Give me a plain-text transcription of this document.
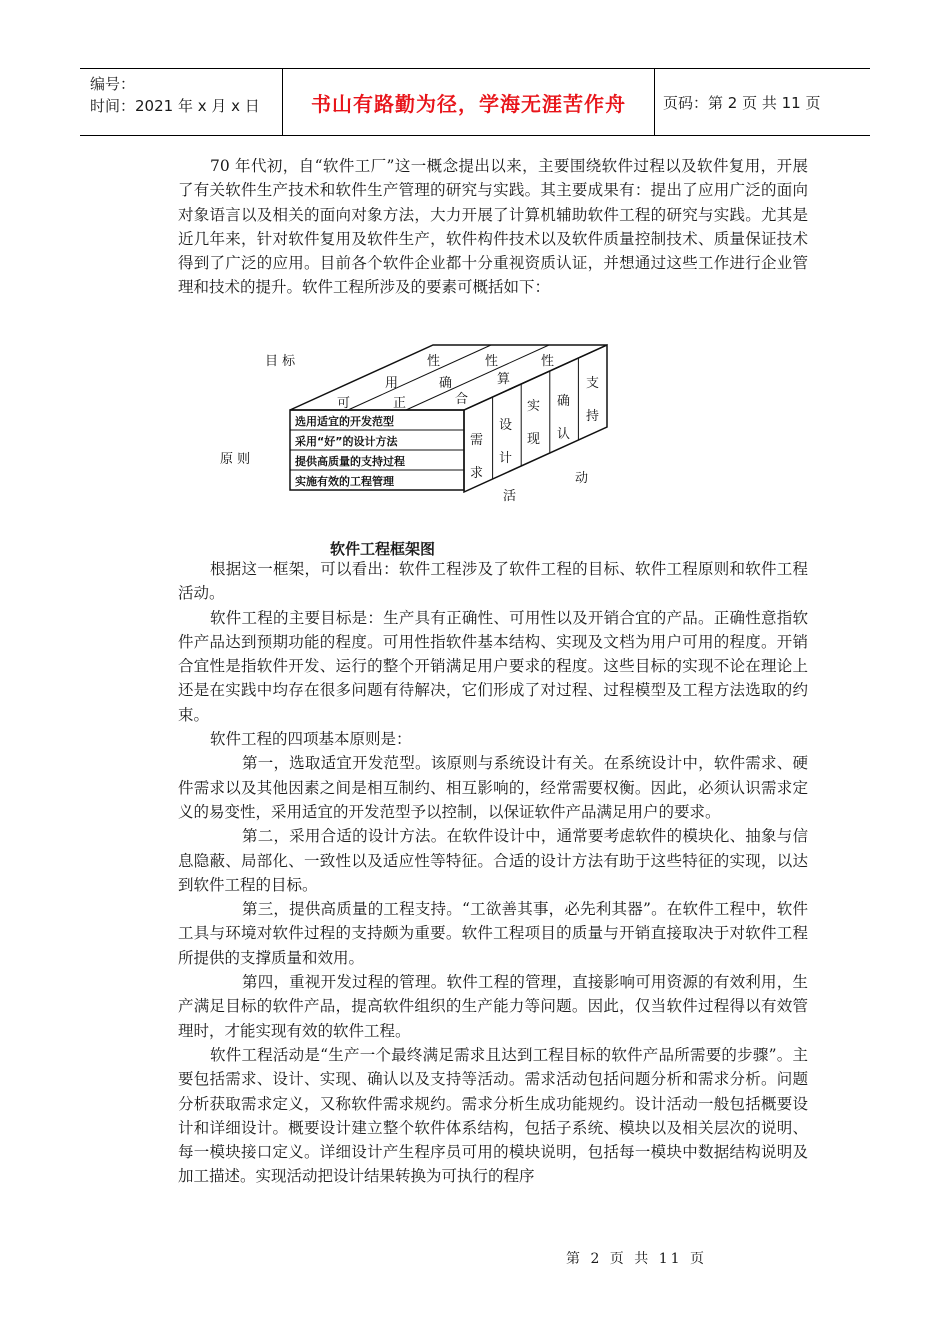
编号：
时间：2021 年 x 月 x 日	书山有路勤为径，学海无涯苦作舟	页码：第 2 页 共 11 页

70 年代初，自“软件工厂”这一概念提出以来，主要围绕软件过程以及软件复用，开展了有关软件生产技术和软件生产管理的研究与实践。其主要成果有：提出了应用广泛的面向对象语言以及相关的面向对象方法，大力开展了计算机辅助软件工程的研究与实践。尤其是近几年来，针对软件复用及软件生产，软件构件技术以及软件质量控制技术、质量保证技术得到了广泛的应用。目前各个软件企业都十分重视资质认证，并想通过这些工作进行企业管理和技术的提升。软件工程所涉及的要素可概括如下：

目 标
原 则
选用适宜的开发范型
采用“好”的设计方法
提供高质量的支持过程
实施有效的工程管理
可
用
性
正
确
性
合
算
性
需
求
设
计
实
现
确
认
支
持
活
动
软件工程框架图

根据这一框架，可以看出：软件工程涉及了软件工程的目标、软件工程原则和软件工程活动。

软件工程的主要目标是：生产具有正确性、可用性以及开销合宜的产品。正确性意指软件产品达到预期功能的程度。可用性指软件基本结构、实现及文档为用户可用的程度。开销合宜性是指软件开发、运行的整个开销满足用户要求的程度。这些目标的实现不论在理论上还是在实践中均存在很多问题有待解决，它们形成了对过程、过程模型及工程方法选取的约束。

软件工程的四项基本原则是：

第一，选取适宜开发范型。该原则与系统设计有关。在系统设计中，软件需求、硬件需求以及其他因素之间是相互制约、相互影响的，经常需要权衡。因此，必须认识需求定义的易变性，采用适宜的开发范型予以控制，以保证软件产品满足用户的要求。

第二，采用合适的设计方法。在软件设计中，通常要考虑软件的模块化、抽象与信息隐蔽、局部化、一致性以及适应性等特征。合适的设计方法有助于这些特征的实现，以达到软件工程的目标。

第三，提供高质量的工程支持。“工欲善其事，必先利其器”。在软件工程中，软件工具与环境对软件过程的支持颇为重要。软件工程项目的质量与开销直接取决于对软件工程所提供的支撑质量和效用。

第四，重视开发过程的管理。软件工程的管理，直接影响可用资源的有效利用，生产满足目标的软件产品，提高软件组织的生产能力等问题。因此，仅当软件过程得以有效管理时，才能实现有效的软件工程。

软件工程活动是“生产一个最终满足需求且达到工程目标的软件产品所需要的步骤”。主要包括需求、设计、实现、确认以及支持等活动。需求活动包括问题分析和需求分析。问题分析获取需求定义，又称软件需求规约。需求分析生成功能规约。设计活动一般包括概要设计和详细设计。概要设计建立整个软件体系结构，包括子系统、模块以及相关层次的说明、每一模块接口定义。详细设计产生程序员可用的模块说明，包括每一模块中数据结构说明及加工描述。实现活动把设计结果转换为可执行的程序

第 2 页 共 11 页
